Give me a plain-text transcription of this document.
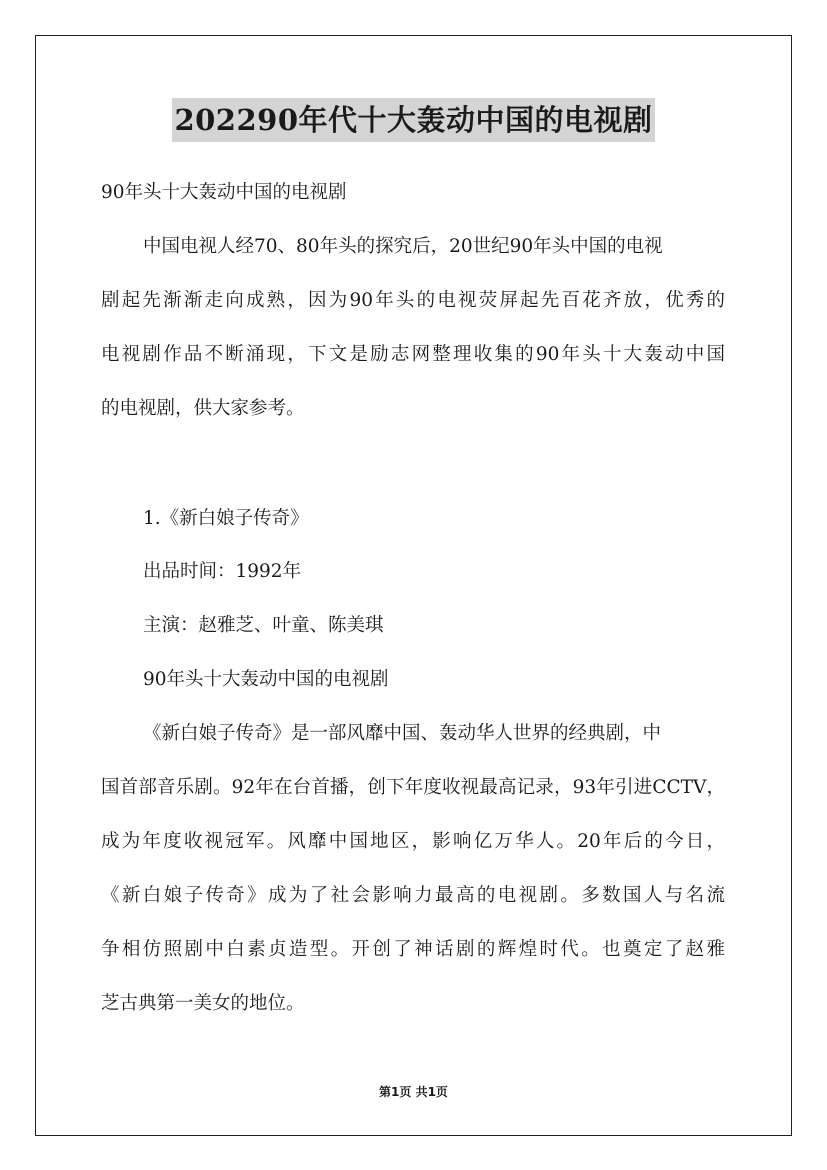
202290年代十大轰动中国的电视剧
90年头十大轰动中国的电视剧
中国电视人经70、80年头的探究后，20世纪90年头中国的电视
剧起先渐渐走向成熟，因为90年头的电视荧屏起先百花齐放，优秀的
电视剧作品不断涌现，下文是励志网整理收集的90年头十大轰动中国
的电视剧，供大家参考。
1.《新白娘子传奇》
出品时间：1992年
主演：赵雅芝、叶童、陈美琪
90年头十大轰动中国的电视剧
《新白娘子传奇》是一部风靡中国、轰动华人世界的经典剧，中
国首部音乐剧。92年在台首播，创下年度收视最高记录，93年引进CCTV，
成为年度收视冠军。风靡中国地区，影响亿万华人。20年后的今日，
《新白娘子传奇》成为了社会影响力最高的电视剧。多数国人与名流
争相仿照剧中白素贞造型。开创了神话剧的辉煌时代。也奠定了赵雅
芝古典第一美女的地位。
第1页 共1页
